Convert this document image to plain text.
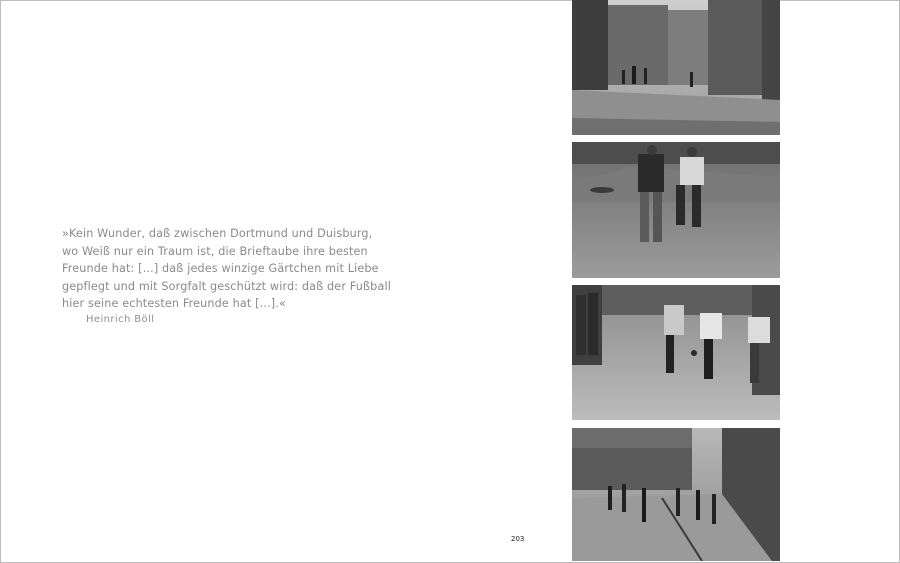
»Kein Wunder, daß zwischen Dortmund und Duisburg,
wo Weiß nur ein Traum ist, die Brieftaube ihre besten
Freunde hat: [...] daß jedes winzige Gärtchen mit Liebe
gepflegt und mit Sorgfalt geschützt wird: daß der Fußball
hier seine echtesten Freunde hat [...].«
Heinrich Böll
203
